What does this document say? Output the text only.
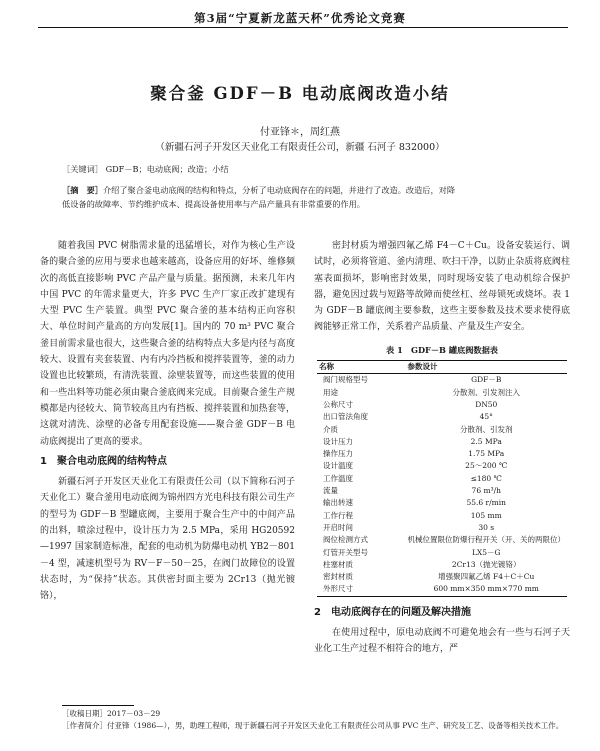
第3届“宁夏新龙蓝天杯”优秀论文竞赛
聚合釜 GDF－B 电动底阀改造小结
付亚锋＊，周红燕
（新疆石河子开发区天业化工有限责任公司，新疆 石河子 832000）
［关键词］ GDF－B；电动底阀；改造；小结
［摘　要］介绍了聚合釜电动底阀的结构和特点，分析了电动底阀存在的问题，并进行了改造。改造后，对降
低设备的故障率、节约维护成本、提高设备使用率与产品产量具有非常重要的作用。

随着我国 PVC 树脂需求量的迅猛增长，对作为核心生产设备的聚合釜的应用与要求也越来越高，设备应用的好坏、维修频次的高低直接影响 PVC 产品产量与质量。据预测，未来几年内中国 PVC 的年需求量更大，许多 PVC 生产厂家正改扩建现有大型 PVC 生产装置。典型 PVC 聚合釜的基本结构正向容积大、单位时间产量高的方向发展[1]。国内的 70 m³ PVC 聚合釜目前需求量也很大，这些聚合釜的结构特点大多是内径与高度较大、设置有夹套装置、内有内冷挡板和搅拌装置等，釜的动力设置也比较繁琐，有清洗装置、涂壁装置等，而这些装置的使用和一些出料等功能必须由聚合釜底阀来完成。目前聚合釜生产规模都是内径较大、筒节较高且内有挡板、搅拌装置和加热套等，这就对清洗、涂壁的必备专用配套设施——聚合釜 GDF－B 电动底阀提出了更高的要求。

1　聚合电动底阀的结构特点

新疆石河子开发区天业化工有限责任公司（以下简称石河子天业化工）聚合釜用电动底阀为锦州四方光电科技有限公司生产的型号为 GDF－B 型罐底阀，主要用于聚合生产中的中间产品的出料，喷涂过程中，设计压力为 2.5 MPa，采用 HG20592—1997 国家制造标准，配套的电动机为防爆电动机 YB2－801－4 型，减速机型号为 RV－F－50－25，在阀门故障位的设置状态时，为“保持”状态。其供密封面主要为 2Cr13（抛光镀铬），

密封材质为增强四氟乙烯 F4－C＋Cu。设备安装运行、调试时，必须将管道、釜内清理、吹扫干净，以防止杂质将底阀柱塞表面损坏，影响密封效果，同时现场安装了电动机综合保护器，避免因过载与短路等故障而使丝杠、丝母锁死或烧坏。表 1 为 GDF－B 罐底阀主要参数，这些主要参数及技术要求使得底阀能够正常工作，关系着产品质量、产量及生产安全。

表 1　GDF－B 罐底阀数据表
名称	参数设计
阀门规格型号	GDF－B
用途	分散剂、引发剂注入
公称尺寸	DN50
出口管法角度	45°
介质	分散剂、引发剂
设计压力	2.5 MPa
操作压力	1.75 MPa
设计温度	25～200 ℃
工作温度	≤180 ℃
流量	76 m³/h
输出转速	55.6 r/min
工作行程	105 mm
开启时间	30 s
阀位检测方式	机械位置限位防爆行程开关（开、关的两限位）
灯管开关型号	LX5－G
柱塞材质	2Cr13（抛光镀铬）
密封材质	增强聚四氟乙烯 F4＋C＋Cu
外形尺寸	600 mm×350 mm×770 mm
2　电动底阀存在的问题及解决措施

在使用过程中，原电动底阀不可避免地会有一些与石河子天业化工生产过程不相符合的地方，严

［收稿日期］2017－03－29
［作者简介］付亚锋（1986—），男，助理工程师，现于新疆石河子开发区天业化工有限责任公司从事 PVC 生产、研究及工艺、设备等相关技术工作。
